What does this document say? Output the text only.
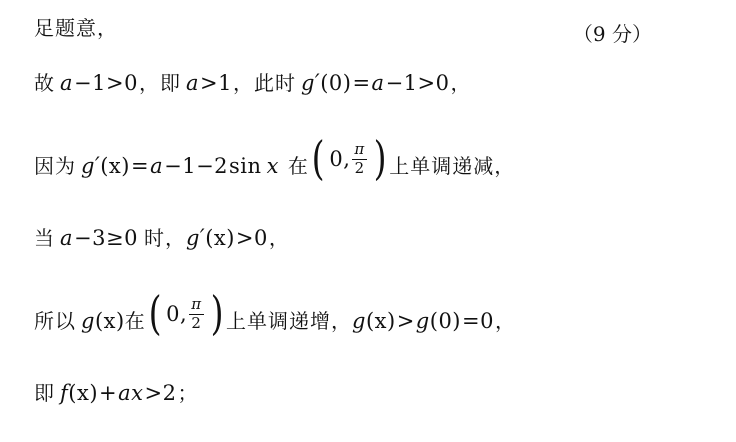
（9 分）
足题意，
故 a −1>0 ，即 a >1 ，此时 g ′ (0) = a −1>0 ，
因为 g ′ (x) = a −1−2 sin x 在 ( 0, $\frac{\pi}{2}$ ) 上单调递减，
当 a −3≥0 时， g ′ (x) >0 ，
所以 g (x) 在 ( 0, $\frac{\pi}{2}$ ) 上单调递增， g (x) > g (0) =0 ，
即 f (x) + a x >2 ；
